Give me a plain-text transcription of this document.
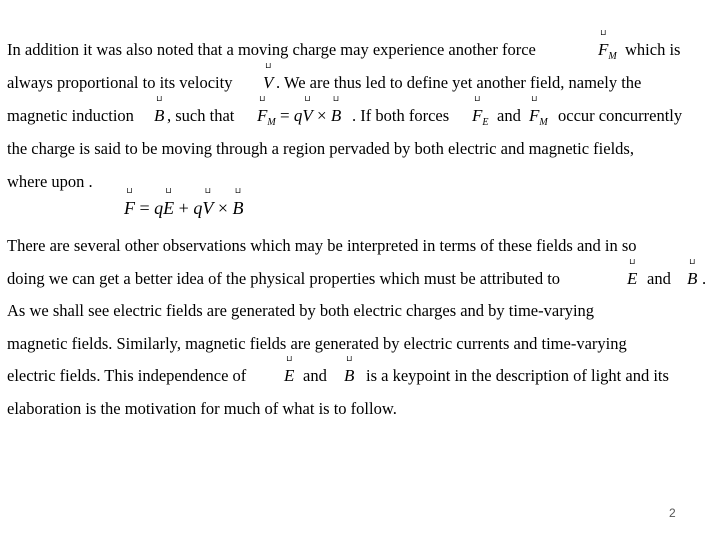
In addition it was also noted that a moving charge may experience another force	⊔ $F_M$ which is
always proportional to its velocity ⊔ V . We are thus led to define yet another field, namely the
magnetic induction ⊔ B , such that ⊔ $F_M$ = q⊔ V × ⊔ B . If both forces ⊔ $F_E$ and ⊔ $F_M$ occur concurrently
the charge is said to be moving through a region pervaded by both electric and magnetic fields,
where upon .
⊔ F = q⊔ E + q⊔ V × ⊔ B
There are several other observations which may be interpreted in terms of these fields and in so
doing we can get a better idea of the physical properties which must be attributed to	⊔ E and ⊔ B .
As we shall see electric fields are generated by both electric charges and by time-varying
magnetic fields. Similarly, magnetic fields are generated by electric currents and time-varying
electric fields. This independence of ⊔ E and ⊔ B is a keypoint in the description of light and its
elaboration is the motivation for much of what is to follow.
2
